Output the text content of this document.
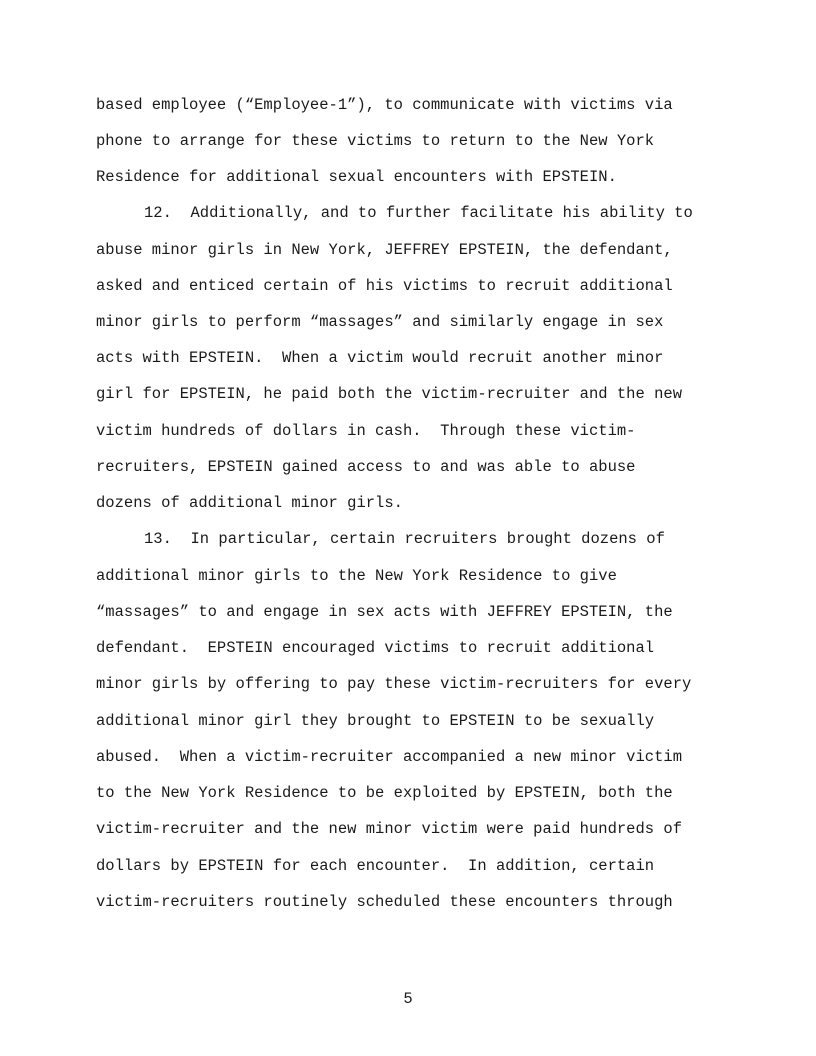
based employee (“Employee-1”), to communicate with victims via

phone to arrange for these victims to return to the New York

Residence for additional sexual encounters with EPSTEIN.

12.  Additionally, and to further facilitate his ability to

abuse minor girls in New York, JEFFREY EPSTEIN, the defendant,

asked and enticed certain of his victims to recruit additional

minor girls to perform “massages” and similarly engage in sex

acts with EPSTEIN.  When a victim would recruit another minor

girl for EPSTEIN, he paid both the victim-recruiter and the new

victim hundreds of dollars in cash.  Through these victim-

recruiters, EPSTEIN gained access to and was able to abuse

dozens of additional minor girls.

13.  In particular, certain recruiters brought dozens of

additional minor girls to the New York Residence to give

“massages” to and engage in sex acts with JEFFREY EPSTEIN, the

defendant.  EPSTEIN encouraged victims to recruit additional

minor girls by offering to pay these victim-recruiters for every

additional minor girl they brought to EPSTEIN to be sexually

abused.  When a victim-recruiter accompanied a new minor victim

to the New York Residence to be exploited by EPSTEIN, both the

victim-recruiter and the new minor victim were paid hundreds of

dollars by EPSTEIN for each encounter.  In addition, certain

victim-recruiters routinely scheduled these encounters through

5
